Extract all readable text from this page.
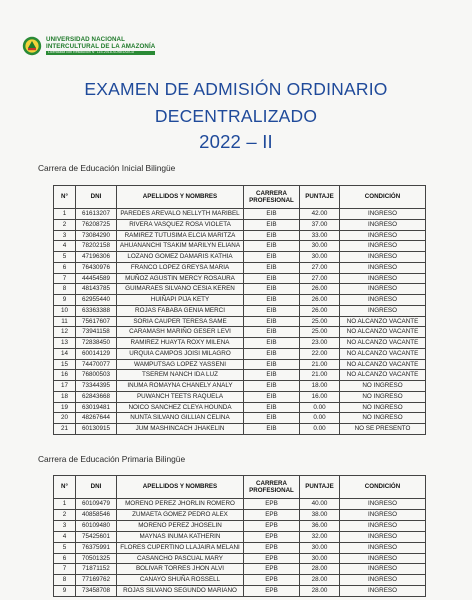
UNIVERSIDAD NACIONAL
INTERCULTURAL DE LA AMAZONÍA
Licenciada con Resolución N° 115-2018-SUNEDU/CD
EXAMEN DE ADMISIÓN ORDINARIO
DECENTRALIZADO
2022 – II
Carrera de Educación Inicial Bilingüe
N°	DNI	APELLIDOS Y NOMBRES	CARRERA PROFESIONAL	PUNTAJE	CONDICIÓN
1	61613207	PAREDES AREVALO NELLYTH MARIBEL	EIB	42.00	INGRESO
2	76208725	RIVERA VASQUEZ ROSA VIOLETA	EIB	37.00	INGRESO
3	73084290	RAMIREZ TUTUSIMA ELCIA MARITZA	EIB	33.00	INGRESO
4	78202158	AHUANANCHI TSAKIM MARILYN ELIANA	EIB	30.00	INGRESO
5	47196306	LOZANO GOMEZ DAMARIS KATHIA	EIB	30.00	INGRESO
6	76430976	FRANCO LOPEZ GREYSA MARIA	EIB	27.00	INGRESO
7	44454589	MUÑOZ AGUSTIN MERCY ROSAURA	EIB	27.00	INGRESO
8	48143785	GUIMARAES SILVANO CESIA KEREN	EIB	26.00	INGRESO
9	62955440	HUIÑAPI PIJA KETY	EIB	26.00	INGRESO
10	63363388	ROJAS FABABA GENIA MERCI	EIB	26.00	INGRESO
11	75617607	SORIA CAUPER TERESA SAME	EIB	25.00	NO ALCANZO VACANTE
12	73941158	CARAMASH MARIÑO GESER LEVI	EIB	25.00	NO ALCANZO VACANTE
13	72838450	RAMIREZ HUAYTA ROXY MILENA	EIB	23.00	NO ALCANZO VACANTE
14	60014129	URQUIA CAMPOS JOISI MILAGRO	EIB	22.00	NO ALCANZO VACANTE
15	74470077	WAMPUTSAG LOPEZ YASSENI	EIB	21.00	NO ALCANZO VACANTE
16	76800503	TSEREM NANCH IDA LUZ	EIB	21.00	NO ALCANZO VACANTE
17	73344395	INUMA ROMAYNA CHANELY ANALY	EIB	18.00	NO INGRESO
18	62843668	PUWANCH TEETS RAQUELA	EIB	16.00	NO INGRESO
19	63019481	NOICO SANCHEZ CLEYA HOUNDA	EIB	0.00	NO INGRESO
20	48267644	NUNTA SILVANO GILLIAN CELINA	EIB	0.00	NO INGRESO
21	60130915	JUM MASHINCACH JHAKELIN	EIB	0.00	NO SE PRESENTO
Carrera de Educación Primaria Bilingüe
N°	DNI	APELLIDOS Y NOMBRES	CARRERA PROFESIONAL	PUNTAJE	CONDICIÓN
1	60109479	MORENO PEREZ JHORLIN ROMERO	EPB	40.00	INGRESO
2	40858546	ZUMAETA GOMEZ PEDRO ALEX	EPB	38.00	INGRESO
3	60109480	MORENO PEREZ JHOSELIN	EPB	36.00	INGRESO
4	75425601	MAYNAS INUMA KATHERIN	EPB	32.00	INGRESO
5	76375991	FLORES CUPERTINO LLAJAIRA MELANI	EPB	30.00	INGRESO
6	70501325	CASANCHO PASCUAL MARY	EPB	30.00	INGRESO
7	71871152	BOLIVAR TORRES JHON ALVI	EPB	28.00	INGRESO
8	77169762	CANAYO SHUÑA ROSSELL	EPB	28.00	INGRESO
9	73458708	ROJAS SILVANO SEGUNDO MARIANO	EPB	28.00	INGRESO
